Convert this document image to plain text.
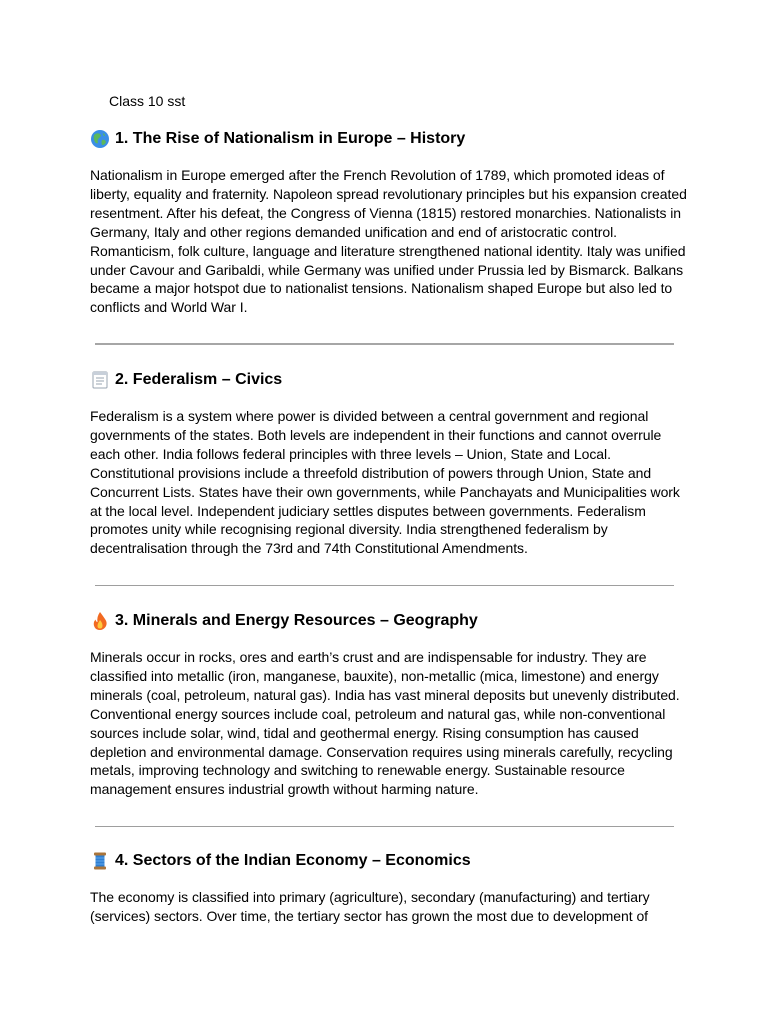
Class 10 sst
1. The Rise of Nationalism in Europe – History
Nationalism in Europe emerged after the French Revolution of 1789, which promoted ideas of liberty, equality and fraternity. Napoleon spread revolutionary principles but his expansion created resentment. After his defeat, the Congress of Vienna (1815) restored monarchies. Nationalists in Germany, Italy and other regions demanded unification and end of aristocratic control. Romanticism, folk culture, language and literature strengthened national identity. Italy was unified under Cavour and Garibaldi, while Germany was unified under Prussia led by Bismarck. Balkans became a major hotspot due to nationalist tensions. Nationalism shaped Europe but also led to conflicts and World War I.
2. Federalism – Civics
Federalism is a system where power is divided between a central government and regional governments of the states. Both levels are independent in their functions and cannot overrule each other. India follows federal principles with three levels – Union, State and Local. Constitutional provisions include a threefold distribution of powers through Union, State and Concurrent Lists. States have their own governments, while Panchayats and Municipalities work at the local level. Independent judiciary settles disputes between governments. Federalism promotes unity while recognising regional diversity. India strengthened federalism by decentralisation through the 73rd and 74th Constitutional Amendments.
3. Minerals and Energy Resources – Geography
Minerals occur in rocks, ores and earth’s crust and are indispensable for industry. They are classified into metallic (iron, manganese, bauxite), non-metallic (mica, limestone) and energy minerals (coal, petroleum, natural gas). India has vast mineral deposits but unevenly distributed. Conventional energy sources include coal, petroleum and natural gas, while non-conventional sources include solar, wind, tidal and geothermal energy. Rising consumption has caused depletion and environmental damage. Conservation requires using minerals carefully, recycling metals, improving technology and switching to renewable energy. Sustainable resource management ensures industrial growth without harming nature.
4. Sectors of the Indian Economy – Economics
The economy is classified into primary (agriculture), secondary (manufacturing) and tertiary (services) sectors. Over time, the tertiary sector has grown the most due to development of
